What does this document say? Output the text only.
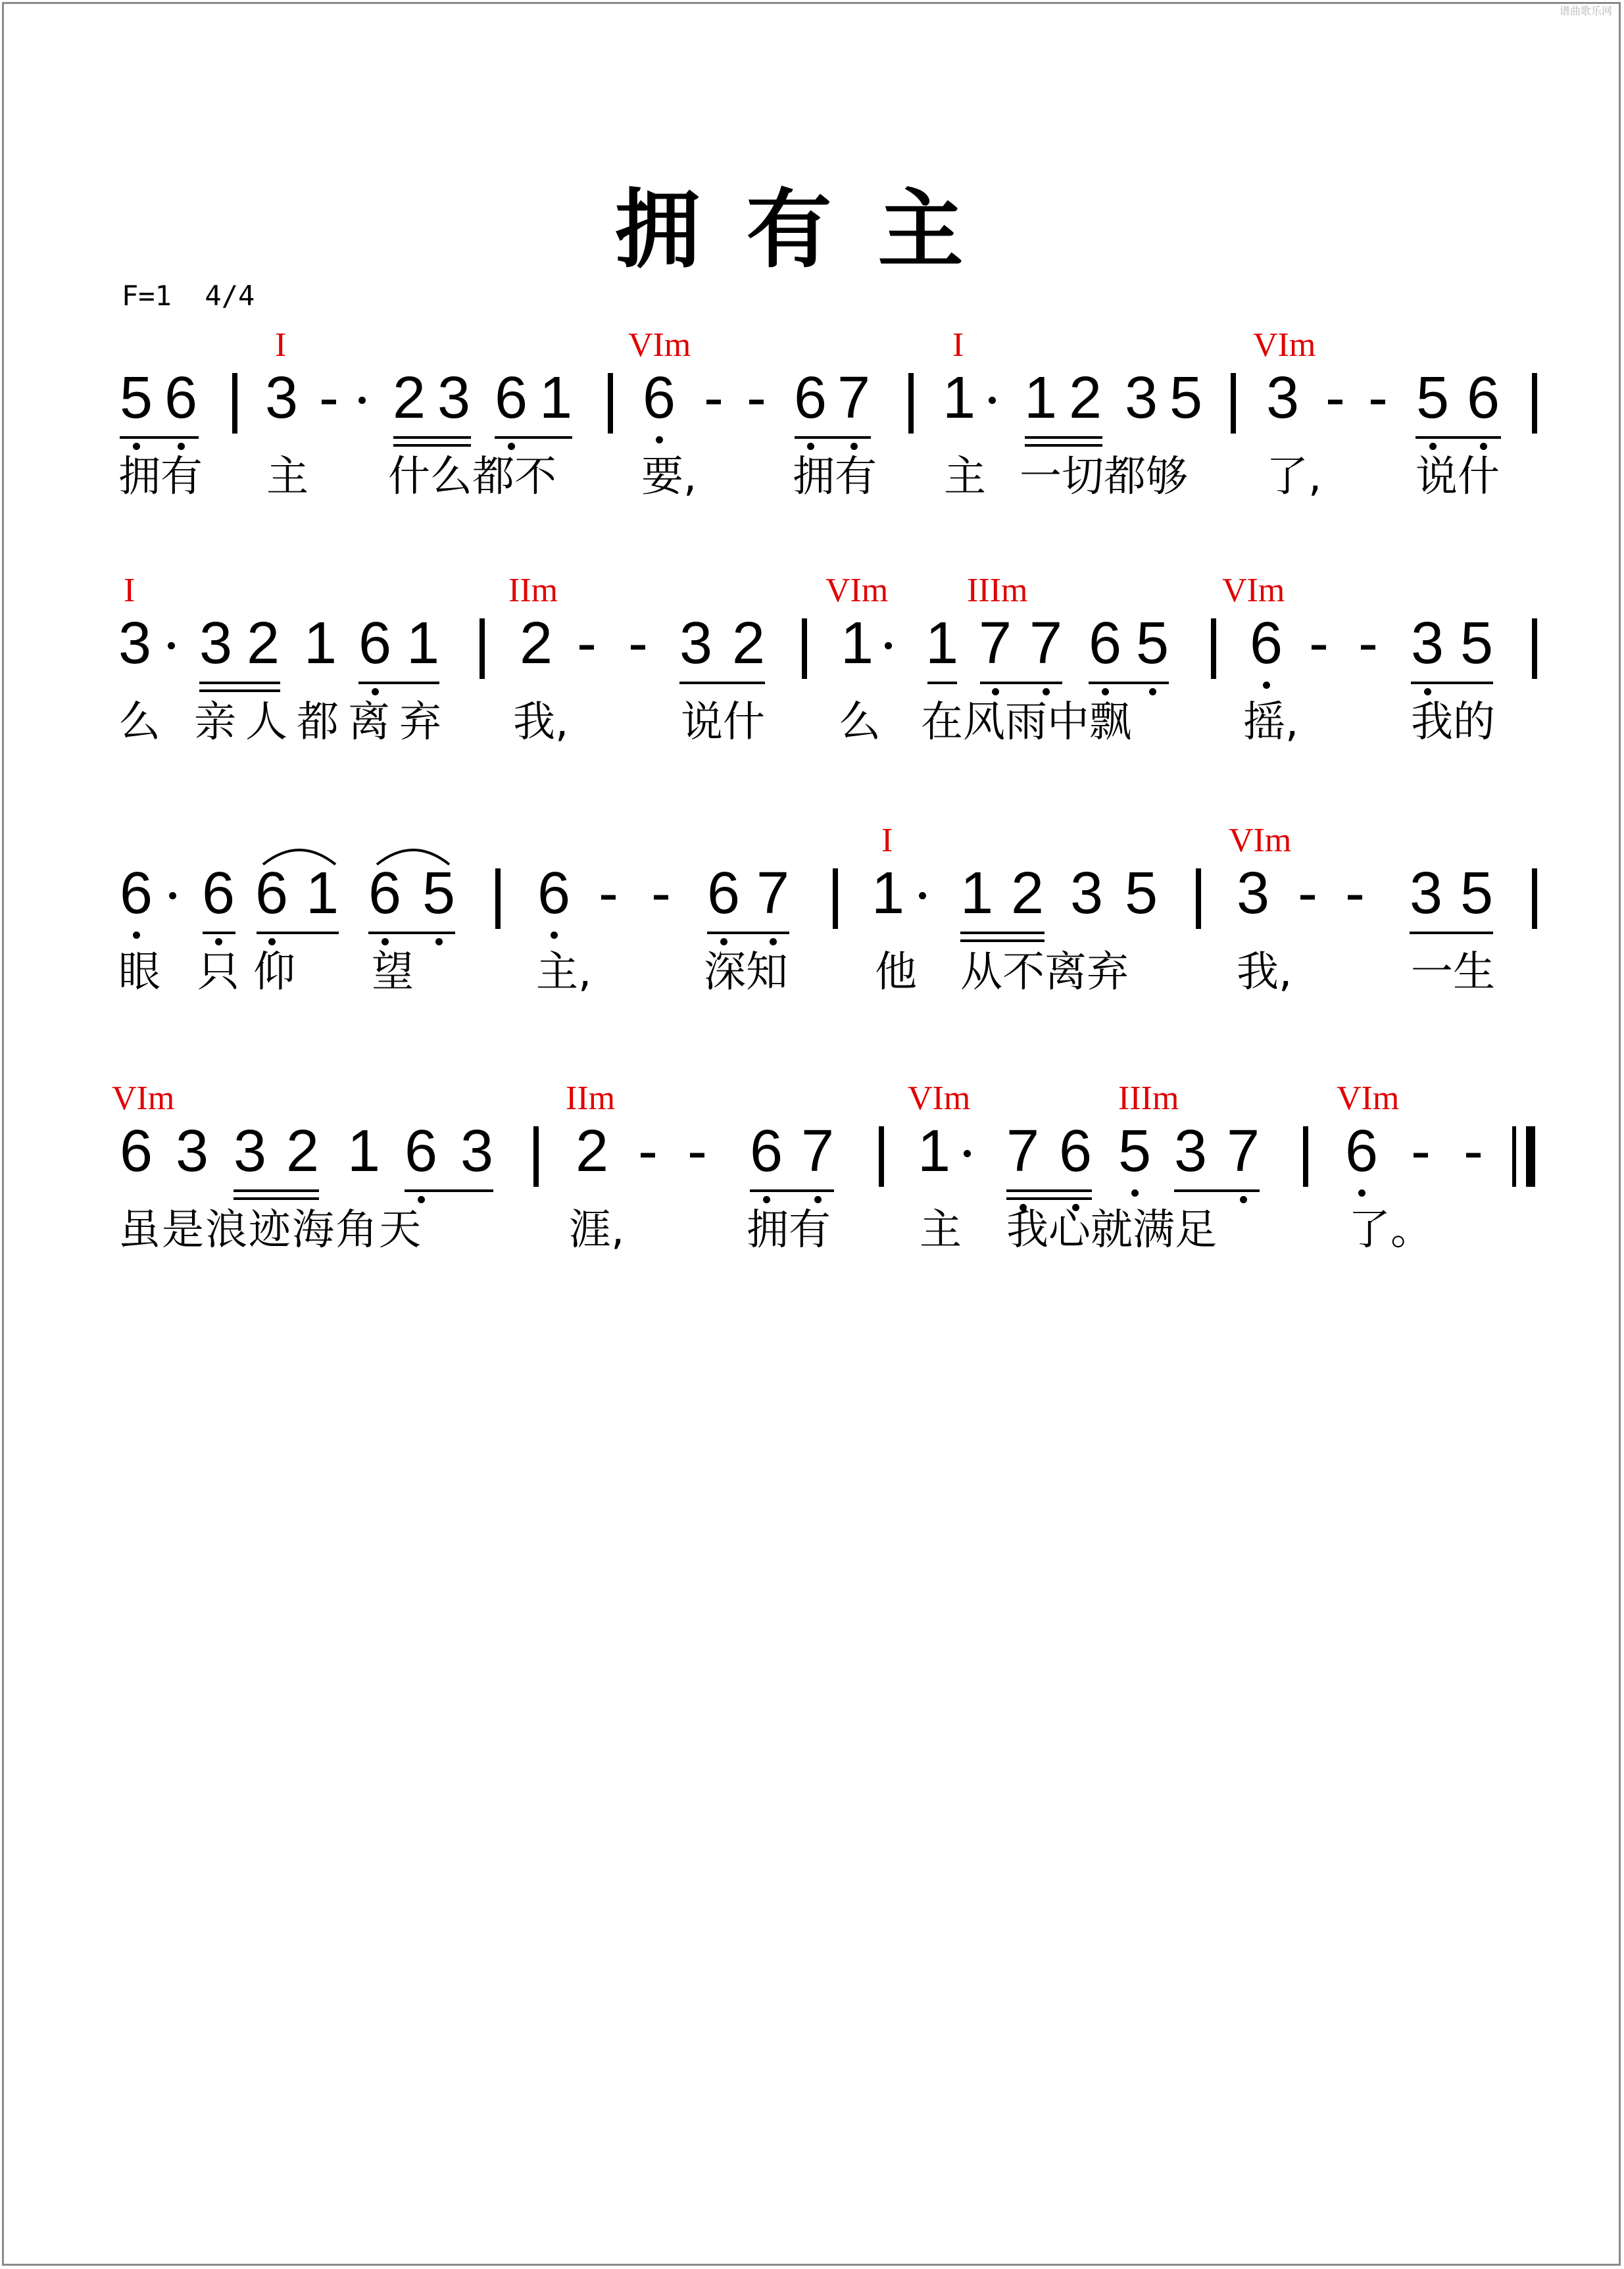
谱曲歌乐网
拥有主
F=1  4/4
I	VIm	I	VIm
5 6 3 - 2 3 6 1 6 - - 6 7 1 1 2 3 5 3 - - 5 6
拥有 主 什么都不 要, 拥有 主 一切都够 了, 说什
I	IIm	VIm IIIm	VIm
3 3 2 1 6 1 2 - - 3 2 1 1 7 7 6 5 6 - - 3 5
么 亲人都离弃 我,	说什 么 在风雨中飘	摇,	我的
I	VIm
6 6 6 1 6 5 6 - - 6 7 1 1 2 3 5 3 - - 3 5
眼 只 仰 望	主,	深知 他 从不离弃	我,	一生
VIm	IIm	VIm	IIIm	VIm
6 3 3 2 1 6 3 2 - - 6 7 1 7 6 5 3 7 6 - -
虽是浪迹海角天	涯,	拥有 主 我心就满足	了。
